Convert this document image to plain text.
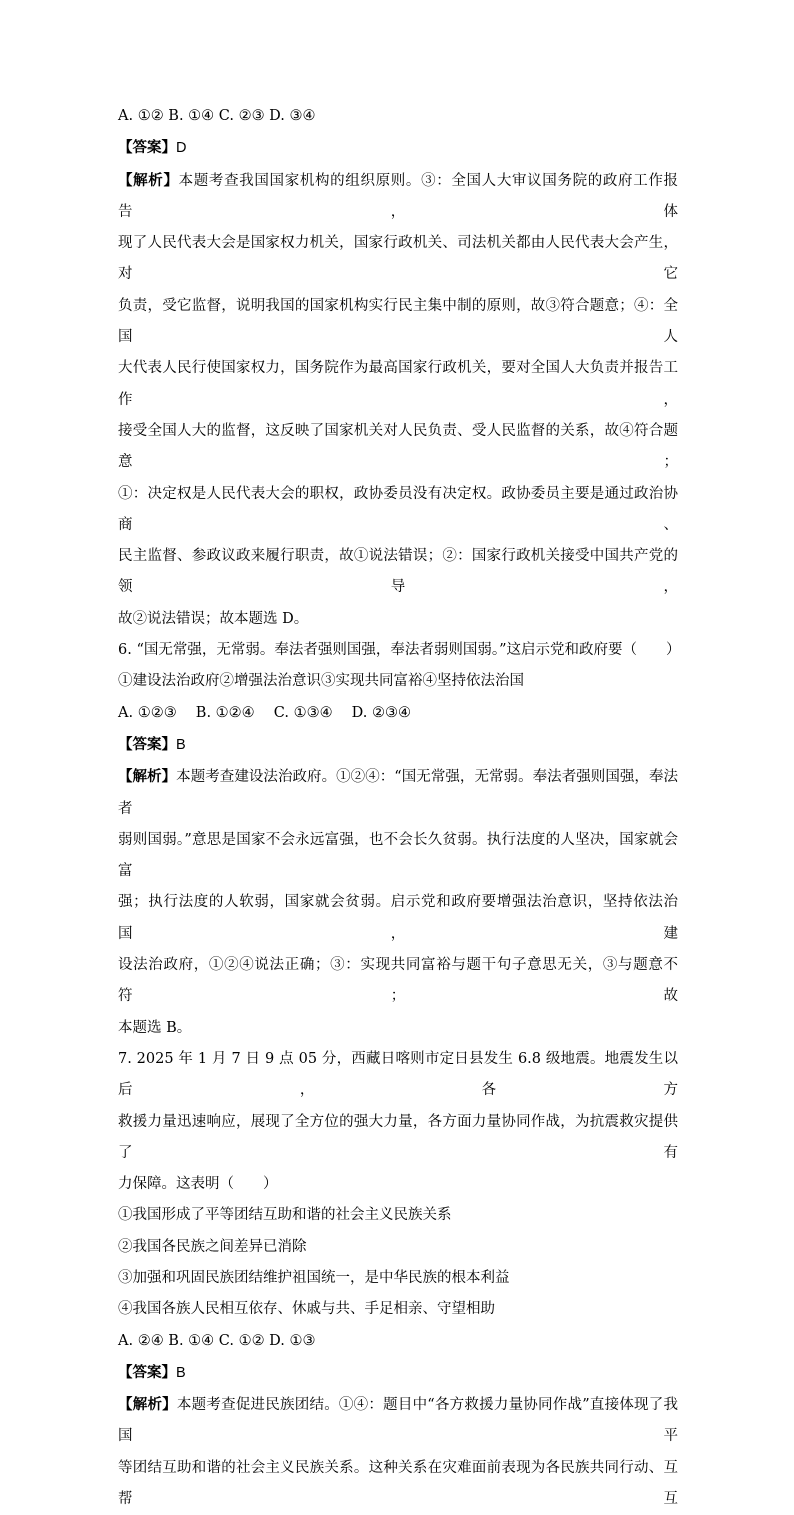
A. ①② B. ①④ C. ②③ D. ③④
【答案】D
【解析】本题考查我国国家机构的组织原则。③：全国人大审议国务院的政府工作报告，体
现了人民代表大会是国家权力机关，国家行政机关、司法机关都由人民代表大会产生，对它
负责，受它监督，说明我国的国家机构实行民主集中制的原则，故③符合题意；④：全国人
大代表人民行使国家权力，国务院作为最高国家行政机关，要对全国人大负责并报告工作，
接受全国人大的监督，这反映了国家机关对人民负责、受人民监督的关系，故④符合题意；
①：决定权是人民代表大会的职权，政协委员没有决定权。政协委员主要是通过政治协商、
民主监督、参政议政来履行职责，故①说法错误；②：国家行政机关接受中国共产党的领导，
故②说法错误；故本题选 D。
6. “国无常强，无常弱。奉法者强则国强，奉法者弱则国弱。”这启示党和政府要（　　）
①建设法治政府②增强法治意识③实现共同富裕④坚持依法治国
A. ①②③　 B. ①②④　 C. ①③④　 D. ②③④
【答案】B
【解析】本题考查建设法治政府。①②④：“国无常强，无常弱。奉法者强则国强，奉法者
弱则国弱。”意思是国家不会永远富强，也不会长久贫弱。执行法度的人坚决，国家就会富
强；执行法度的人软弱，国家就会贫弱。启示党和政府要增强法治意识，坚持依法治国，建
设法治政府，①②④说法正确；③：实现共同富裕与题干句子意思无关，③与题意不符；故
本题选 B。
7. 2025 年 1 月 7 日 9 点 05 分，西藏日喀则市定日县发生 6.8 级地震。地震发生以后，各方
救援力量迅速响应，展现了全方位的强大力量，各方面力量协同作战，为抗震救灾提供了有
力保障。这表明（　　）
①我国形成了平等团结互助和谐的社会主义民族关系
②我国各民族之间差异已消除
③加强和巩固民族团结维护祖国统一，是中华民族的根本利益
④我国各族人民相互依存、休戚与共、手足相亲、守望相助
A. ②④ B. ①④ C. ①② D. ①③
【答案】B
【解析】本题考查促进民族团结。①④：题目中“各方救援力量协同作战”直接体现了我国平
等团结互助和谐的社会主义民族关系。这种关系在灾难面前表现为各民族共同行动、互帮互
